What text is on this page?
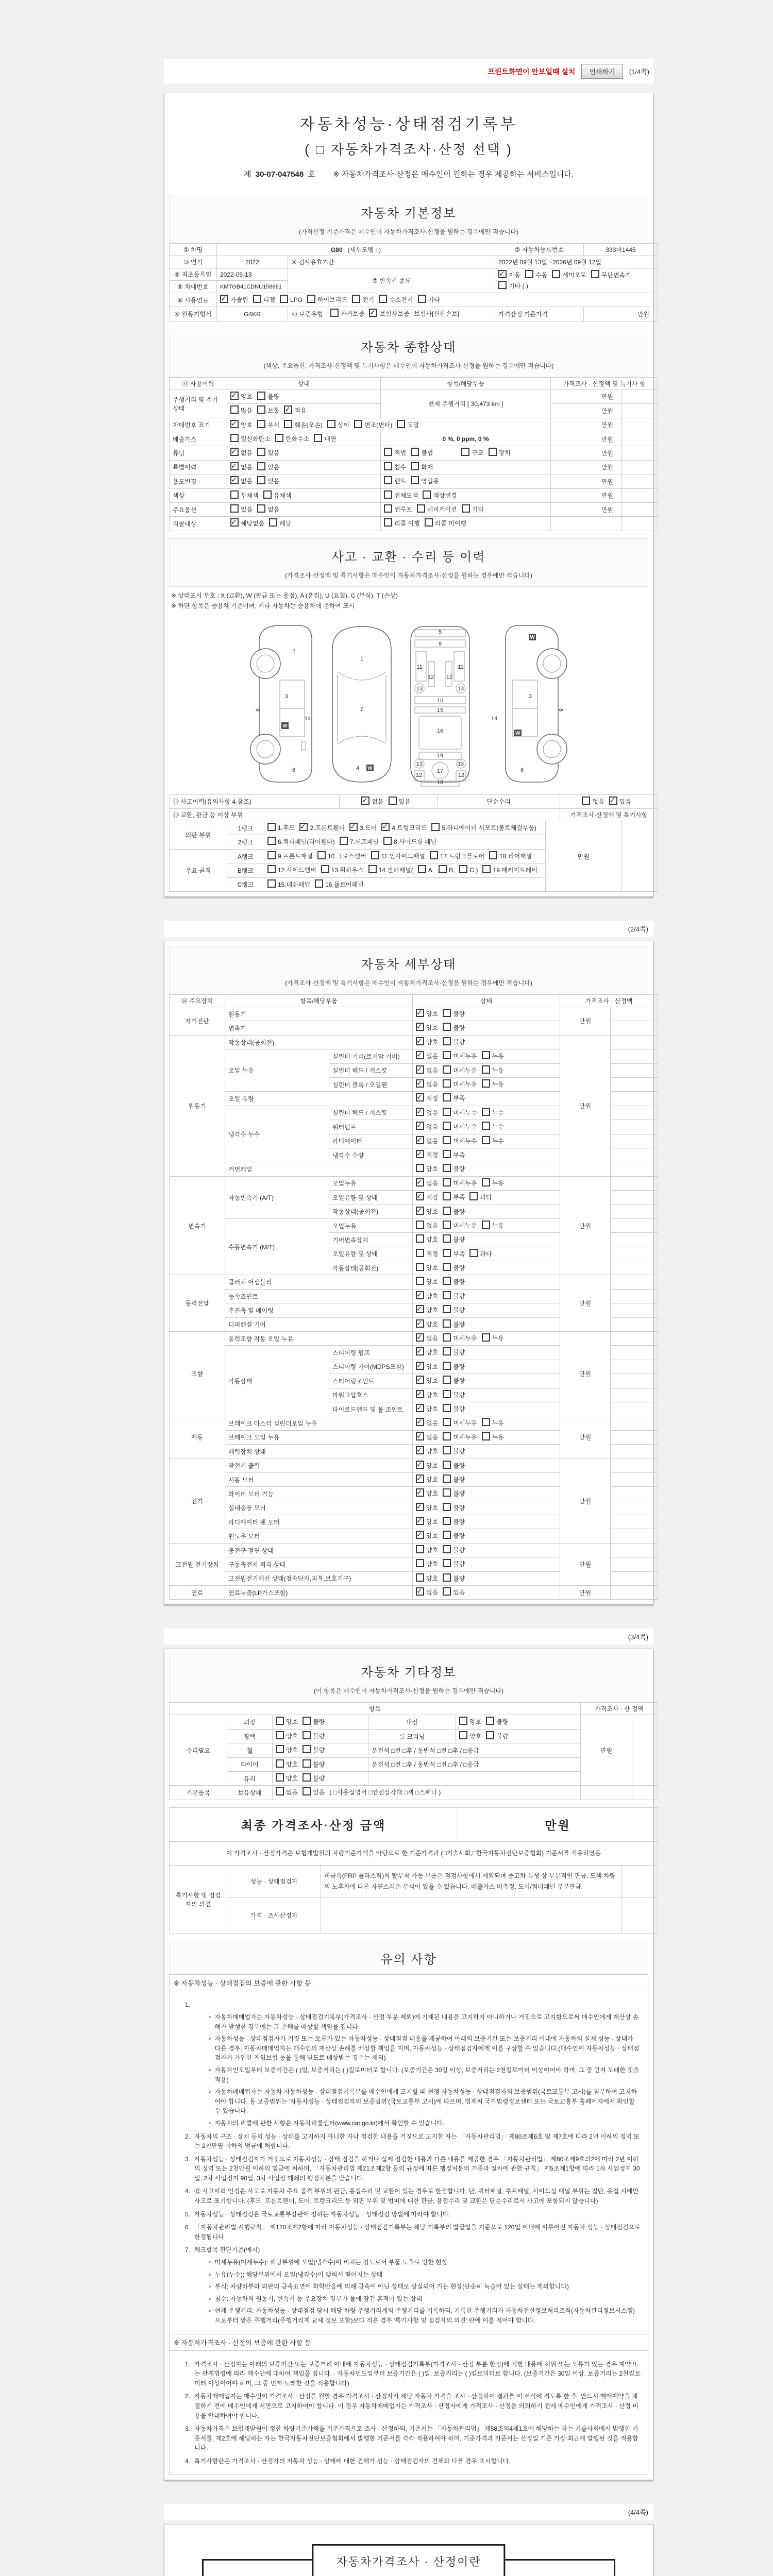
프린트화면이 안보일때 설치	인쇄하기	(1/4쪽)
자동차성능·상태점검기록부
( □ 자동차가격조사·산정 선택 )
제 30-07-047548 호 ※ 자동차가격조사·산정은 매수인이 원하는 경우 제공하는 서비스입니다.
자동차 기본정보
(가격산정 기준가격은 매수인이 자동차가격조사·산정을 원하는 경우에만 적습니다)
① 차명	G80 (세부모델 : )			② 자동차등록번호	333머1445
③ 연식	2022	④ 검사유효기간		2022년 09월 13일 ~2026년 09월 12일	
⑤ 최초등록일	2022-09-13	⑦ 변속기 종류	✓자동 수동 세미오토 무단변속기기타 ( )
⑥ 차대번호	KMTGB41CDNU158661				
⑧ 사용연료	✓가솔린 디젤 LPG 하이브리드 전기 수소전기 기타
⑨ 원동기형식	G4KR	⑩ 보증유형	자가보증 ✓ 보험사보증 보험사[신한손보]	가격산정 기준가격	만원
자동차 종합상태
(색상, 주요옵션, 가격조사·산정액 및 특기사항은 매수인이 자동차가격조사·산정을 원하는 경우에만 적습니다)
⑪ 사용이력	상태	항목/해당부품	가격조사 · 산정액 및 특기사 항	
주행거리 및 계기상태	✓양호 불량	현재 주행거리 [ 30,473 km ]	만원	
	많음 보통 ✓ 적음		만원	
차대번호 표기	✓양호 부식 훼손(오손) 상이 변조(변타) 도말		만원	
배출가스	일산화탄소 탄화수소 매연	0 %, 0 ppm, 0 %	만원	
튜닝	✓없음 있음	적법 불법 구조 장치	만원	
특별이력	✓없음 있음	침수 화재	만원	
용도변경	✓없음 있음	렌트 영업용	만원	
색상	무채색 유채색	전체도색 색상변경	만원	
주요옵션	있음 없음	썬루프 네비게이션 기타	만원	
리콜대상	✓해당없음 해당	리콜 이행 리콜 미이행		
사고 · 교환 · 수리 등 이력
(가격조사·산정액 및 특기사항은 매수인이 자동차가격조사·산정을 원하는 경우에만 적습니다)
※ 상태표시 부호 : X (교환), W (판금 또는 용접), A (흠집), U (요철), C (부식), T (손상)
※ 하단 항목은 승용차 기준이며, 기타 자동차는 승용차에 준하여 표시
2
3
8
14
W
6
1
7
4 W
5
9
11	11
12 12
13	13
10
15
16
19
13	13
12	12
17
18
W
3
8
14
W
6
⑫ 사고이력(유의사항 4.참조)	✓없음 있음	단순수리	없음 ✓ 있음
⑬ 교환, 판금 등 이상 부위			가격조사·산정액 및 특기사항
외판 부위	1랭크	1.후드 ✓ 2.프론트휀더 ✓ 3.도어 ✓ 4.트렁크리드 5.라디에이터 서포트(볼트체결부품)	만원	
	2랭크	6.쿼터패널(리어휀다) 7.루프패널 8.사이드실 패널		
주요 골격	A랭크	9.프론트패널 10.크로스멤버 11.인사이드패널 17.트렁크플로어 18.리어패널		
	B랭크	12.사이드멤버 13.휠하우스 14.필러패널( A, B, C ) 19.패키지트레이		
	C랭크	15.대쉬패널 16.플로어패널		
(2/4쪽)
자동차 세부상태
(가격조사·산정액 및 특기사항은 매수인이 자동차가격조사·산정을 원하는 경우에만 적습니다)
⑭ 주요장치	항목/해당부품		상태	가격조사 · 산정액	
자기진단	원동기	✓양호 불량	만원	
	변속기	✓양호 불량	
원동기	작동상태(공회전)	✓양호 불량	만원	
	오일 누유	실린더 커버(로커암 커버)	✓없음 미세누유 누유	
		실린더 헤드 / 개스킷	✓없음 미세누유 누유	
		실린더 블록 / 오일팬	✓없음 미세누유 누유	
	오일 유량	✓적정 부족	
	냉각수 누수	실린더 헤드 / 개스킷	✓없음 미세누수 누수	
		워터펌프	✓없음 미세누수 누수	
		라디에이터	✓없음 미세누수 누수	
		냉각수 수량	✓적정 부족	
	커먼레일		양호 불량		
변속기	자동변속기 (A/T)	오일누유	✓없음 미세누유 누유	만원	
		오일유량 및 상태	✓적정 부족 과다	
		작동상태(공회전)	✓양호 불량	
	수동변속기 (M/T)	오일누유	없음 미세누유 누유		
		기어변속장치	양호 불량		
		오일유량 및 상태	적정 부족 과다		
		작동상태(공회전)	양호 불량		
동력전달	클러치 어셈블리		양호 불량	만원	
	등속조인트	✓양호 불량	
	추진축 및 베어링	✓양호 불량	
	디퍼렌셜 기어	✓양호 불량	
조향	동력조향 작동 오일 누유	✓없음 미세누유 누유	만원	
	작동상태	스티어링 펌프	✓양호 불량	
		스티어링 기어(MDPS포함)	✓양호 불량	
		스티어링조인트	✓양호 불량	
		파워고압호스	✓양호 불량	
		타이로드엔드 및 볼 조인트	✓양호 불량	
제동	브레이크 마스터 실린더오일 누유	✓없음 미세누유 누유	만원	
	브레이크 오일 누유	✓없음 미세누유 누유	
	배력장치 상태	✓양호 불량	
전기	발전기 출력	✓양호 불량	만원	
	시동 모터	✓양호 불량	
	와이퍼 모터 기능	✓양호 불량	
	실내송풍 모터	✓양호 불량	
	라디에이터 팬 모터	✓양호 불량	
	윈도우 모터	✓양호 불량	
고전원 전기장치	충전구 절연 상태		양호 불량	만원	
	구동축전지 격리 상태		양호 불량		
	고전원전기배선 상태(접속단자,피복,보호기구)		양호 불량		
연료	연료누출(LP가스포함)	✓없음 있음	만원	
(3/4쪽)
자동차 기타정보
(이 항목은 매수인이 자동차가격조사·산정을 원하는 경우에만 적습니다)
항목					가격조사 · 산 정액	
수리필요	외장	양호 불량	내장	양호 불량	만원	
	광택	양호 불량	룸 크리닝	양호 불량		
	휠	양호 불량	운전석 □전 □후 / 동반석 □전 □후 / □응급			
	타이어	양호 불량	운전석 □전 □후 / 동반석 □전 □후 / □응급			
	유리	양호 불량				
기본품목	보유상태	없음 있음 ( □사용설명서 □안전삼각대 □잭 □스패너 )				
최종 가격조사·산정 금액	만원
이 가격조사 · 산정가격은 보험개발원의 차량기준가액을 바탕으로 한 기준가격과 (□기술사회,□한국자동차진단보증협회) 기준서를 적용하였음
특기사항 및 점검자의 의견	성능 · 상태점검자	비금속(FRP 플라스틱)의 탈부착 가능 부품은 점검사항에서 제외되며 중고차 특성 상 부분적인 판금, 도색 차량의 노후화에 따른 자연스러운 부식이 있을 수 있습니다. 배출가스 미측정. 도어/쿼터패널 부분판금.	
	가격 · 조사산정자		
유의 사항
※ 자동차성능 · 상태점검의 보증에 관한 사항 등
1.
∘ 자동차매매업자는 자동차성능 · 상태점검기록부(가격조사 · 산정 부분 제외)에 기재된 내용을 고지하지 아니하거나 거짓으로 고지함으로써 매수인에게 재산상 손해가 발생한 경우에는 그 손해를 배상할 책임을 집니다.
∘ 자동차성능 · 상태점검자가 거짓 또는 오류가 있는 자동차성능 · 상태점검 내용을 제공하여 아래의 보증기간 또는 보증거리 이내에 자동차의 실제 성능 · 상태가 다른 경우, 자동차매매업자는 매수인의 재산상 손해를 배상할 책임을 지며, 자동차성능 · 상태점검자에게 이를 구상할 수 있습니다.(매수인이 자동차성능 · 상태점검자가 가입한 책임보험 등을 통해 별도로 배상받는 경우는 제외)
∘ 자동차인도일부터 보증기간은 ( )일, 보증거리는 ( )킬로미터로 합니다. (보증기간은 30일 이상, 보증거리는 2천킬로미터 이상이어야 하며, 그 중 먼저 도래한 것을 적용)
∘ 자동차매매업자는 자동차 자동차성능 · 상태점검기록부를 매수인에게 고지할 때 현행 자동차성능 · 상태점검자의 보증범위(국토교통부 고시)를 첨부하여 고지하여야 합니다. 동 보증범위는 '자동차성능 · 상태점검자의 보증범위'(국토교통부 고시)에 따르며, 법제처 국가법령정보센터 또는 국토교통부 홈페이지에서 확인할 수 있습니다.
∘ 자동차의 리콜에 관한 사항은 자동차리콜센터(www.car.go.kr)에서 확인할 수 있습니다.
2. 자동차의 구조 · 장치 등의 성능 · 상태를 고지하지 아니한 자나 점검한 내용을 거짓으로 고지한 자는 「자동차관리법」 제80조제6호 및 제7호에 따라 2년 이하의 징역 또는 2천만원 이하의 벌금에 처합니다.
3. 자동차성능 · 상태점검자가 거짓으로 자동차성능 · 상태 점검을 하거나 실제 점검한 내용과 다른 내용을 제공한 경우 「자동차관리법」 제80조제9호의2에 따라 2년 이하의 징역 또는 2천만원 이하의 벌금에 처하며, 「자동차관리법 제21조제2항 등의 규정에 따른 행정처분의 기준과 절차에 관한 규칙」 제5조제1항에 따라 1차 사업정지 30일, 2차 사업정지 90일, 3차 사업장 폐쇄의 행정처분을 받습니다.
4. ⑫ 사고이력 인정은 사고로 자동차 주요 골격 부위의 판금, 용접수리 및 교환이 있는 경우로 한정합니다. 단, 쿼터패널, 루프패널, 사이드실 패널 부위는 절단, 용접 시에만 사고로 표기합니다. (후드, 프론트펜더, 도어, 트렁크리드 등 외판 부위 및 범퍼에 대한 판금, 용접수리 및 교환은 단순수리로서 사고에 포함되지 않습니다)
5. 자동차성능 · 상태점검은 국토교통부장관이 정하는 자동차성능 · 상태점검 방법에 따라야 합니다.
6. 「자동차관리법 시행규칙」 제120조제2항에 따라 자동차성능 · 상태점검기록부는 해당 기록부의 발급일을 기준으로 120일 이내에 이루어진 자동차 성능 · 상태점검으로 한정됩니다
7. 체크항목 판단기준(예시)
∘ 미세누유(미세누수): 해당부위에 오일(냉각수)이 비치는 정도로서 부품 노후로 인한 현상
∘ 누유(누수): 해당부위에서 오일(냉각수)이 맺혀서 떨어지는 상태
∘ 부식: 차량하부와 외판의 금속표면이 화학반응에 의해 금속이 아닌 상태로 상실되어 가는 현상(단순히 녹슬어 있는 상태는 제외합니다)
∘ 침수: 자동차의 원동기, 변속기 등 주요장치 일부가 물에 잠긴 흔적이 있는 상태
∘ 현재 주행거리: 자동차성능 · 상태점검 당시 해당 차량 주행거리계의 주행거리를 기록하되, 기록한 주행거리가 자동차전산정보처리조직(자동차관리정보시스템)으로부터 받은 주행거리(주행거리계 교체 정보 포함)보다 적은 경우 '특기사항 및 점검자의 의견' 란에 이를 적어야 합니다.
※ 자동차가격조사 · 산정의 보증에 관한 사항 등
1. 가격조사 · 산정자는 아래의 보증기간 또는 보증거리 이내에 자동차성능 · 상태점검기록부(가격조사 · 산정 부분 한정)에 적힌 내용에 허위 또는 오류가 있는 경우 계약 또는 관계법령에 따라 매수인에 대하여 책임을 집니다. · 자동차인도일부터 보증기간은 ( )일, 보증거리는 ( )킬로미터로 합니다. (보증기간은 30일 이상, 보증거리는 2천킬로미터 이상이어야 하며, 그 중 먼저 도래한 것을 적용합니다)
2. 자동차매매업자는 매수인이 가격조사 · 산정을 원할 경우 가격조사 · 산정자가 해당 자동차 가격을 조사 · 산정하여 결과를 이 서식에 적도록 한 후, 반드시 매매계약을 체결하기 전에 매수인에게 서면으로 고지하여야 합니다. 이 경우 자동차매매업자는 가격조사 · 산정자에게 가격조사 · 산정을 의뢰하기 전에 매수인에게 가격조사 · 산정 비용을 안내하여야 합니다.
3. 자동차가격은 보험개발원이 정한 차량기준가액을 기준가격으로 조사 · 산정하되, 기준서는 「자동차관리법」 제58조의4제1호에 해당하는 자는 기술사회에서 발행한 기준서를, 제2호에 해당하는 자는 한국자동차진단보증협회에서 발행한 기준서를 각각 적용하여야 하며, 기준가격과 기준서는 산정일 기준 가장 최근에 발행된 것을 적용합니다.
4. 특기사항란은 가격조사 · 산정자의 자동차 성능 · 상태에 대한 견해가 성능 · 상태점검자의 견해와 다를 경우 표시합니다.
(4/4쪽)
자동차가격조사 · 산정이란
